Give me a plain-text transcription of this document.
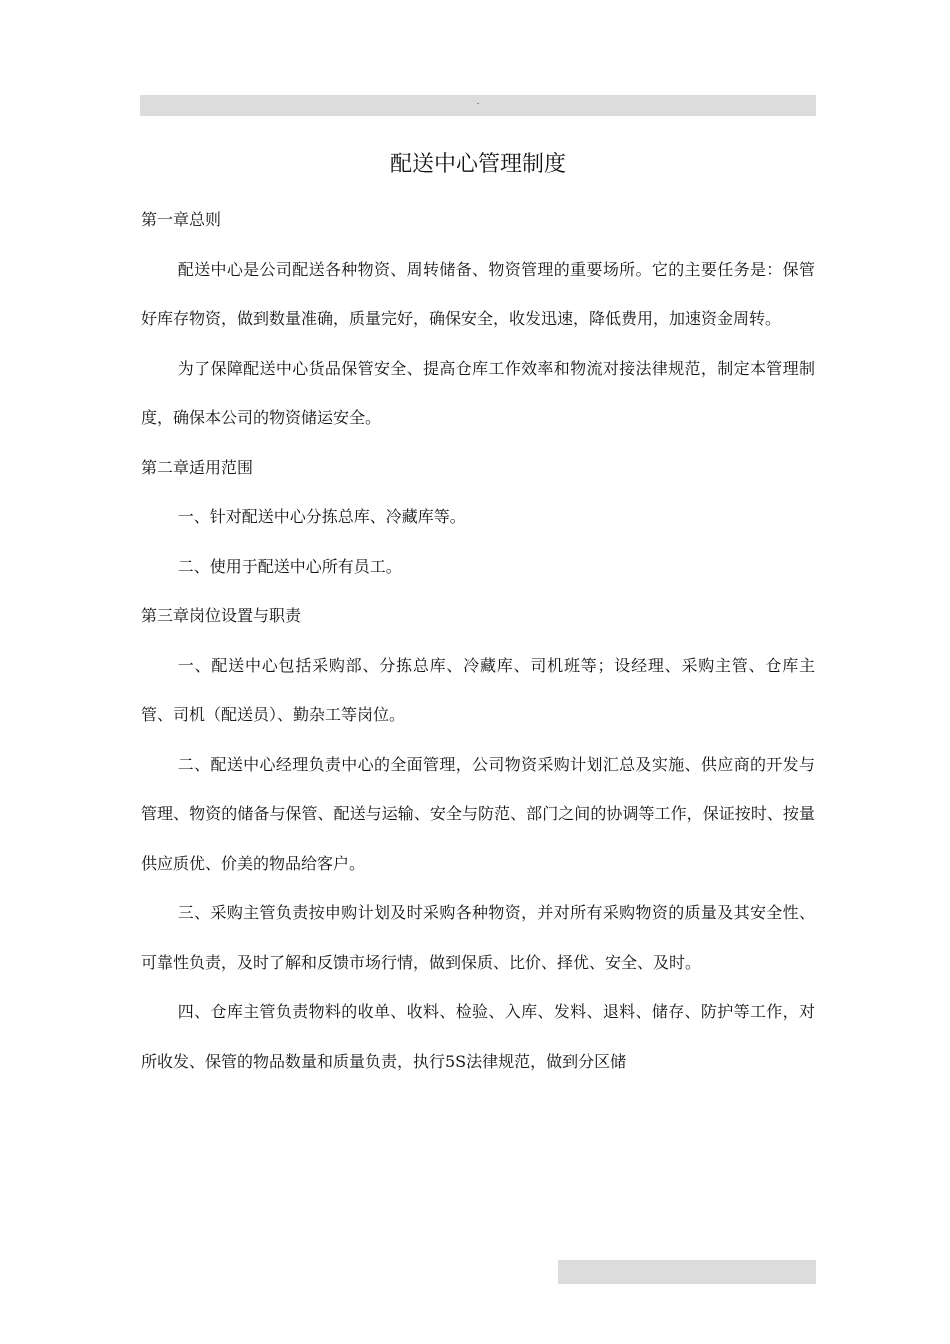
.
配送中心管理制度

第一章总则

配送中心是公司配送各种物资、周转储备、物资管理的重要场所。它的主要任务是：保管好库存物资，做到数量准确，质量完好，确保安全，收发迅速，降低费用，加速资金周转。

为了保障配送中心货品保管安全、提高仓库工作效率和物流对接法律规范，制定本管理制度，确保本公司的物资储运安全。

第二章适用范围

一、针对配送中心分拣总库、冷藏库等。

二、使用于配送中心所有员工。

第三章岗位设置与职责

一、配送中心包括采购部、分拣总库、冷藏库、司机班等；设经理、采购主管、仓库主管、司机（配送员）、勤杂工等岗位。

二、配送中心经理负责中心的全面管理，公司物资采购计划汇总及实施、供应商的开发与管理、物资的储备与保管、配送与运输、安全与防范、部门之间的协调等工作，保证按时、按量供应质优、价美的物品给客户。

三、采购主管负责按申购计划及时采购各种物资，并对所有采购物资的质量及其安全性、可靠性负责，及时了解和反馈市场行情，做到保质、比价、择优、安全、及时。

四、仓库主管负责物料的收单、收料、检验、入库、发料、退料、储存、防护等工作，对所收发、保管的物品数量和质量负责，执行5S法律规范，做到分区储
